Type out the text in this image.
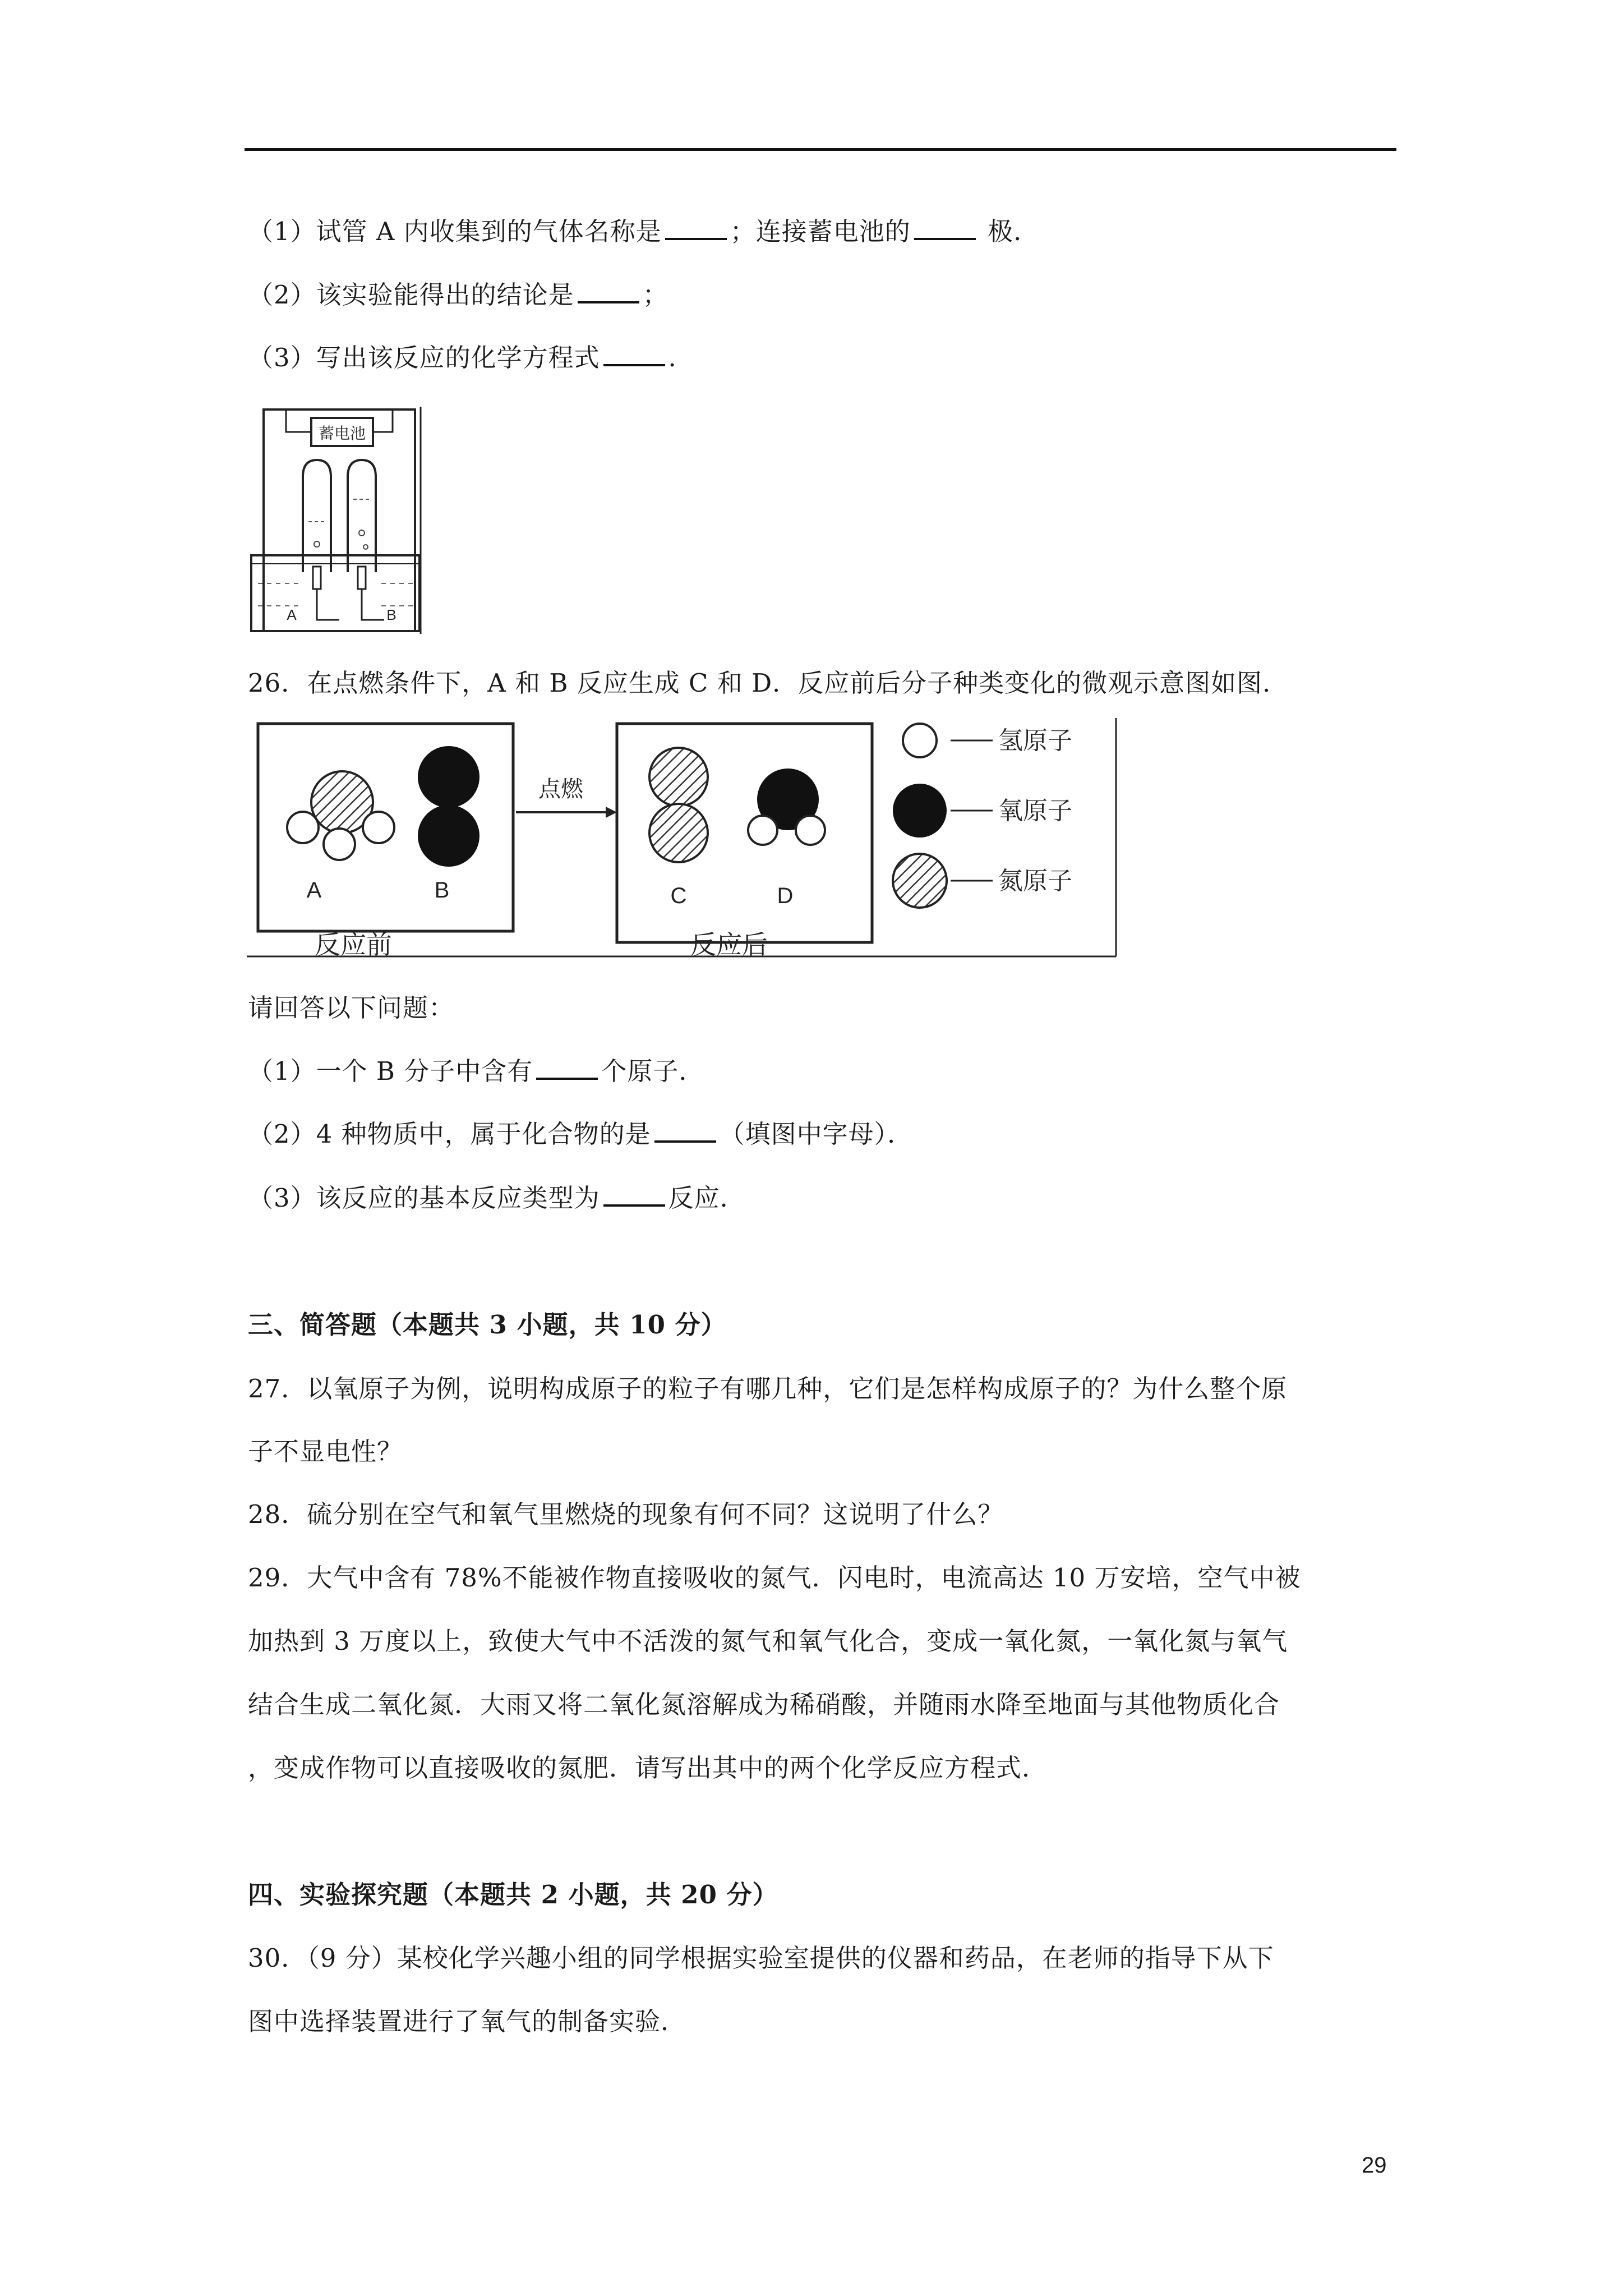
（1）试管 A 内收集到的气体名称是	；连接蓄电池的	极．
（2）该实验能得出的结论是	；
（3）写出该反应的化学方程式	．
蓄电池
A	B
26．在点燃条件下，A 和 B 反应生成 C 和 D．反应前后分子种类变化的微观示意图如图．
A	B
反应前
点燃
C	D
反应后
氢原子
氧原子
氮原子
请回答以下问题：
（1）一个 B 分子中含有	个原子．
（2）4 种物质中，属于化合物的是	（填图中字母）．
（3）该反应的基本反应类型为	反应．
三、简答题（本题共 3 小题，共 10 分）
27．以氧原子为例，说明构成原子的粒子有哪几种，它们是怎样构成原子的？为什么整个原
子不显电性？
28．硫分别在空气和氧气里燃烧的现象有何不同？这说明了什么？
29．大气中含有 78%不能被作物直接吸收的氮气．闪电时，电流高达 10 万安培，空气中被
加热到 3 万度以上，致使大气中不活泼的氮气和氧气化合，变成一氧化氮，一氧化氮与氧气
结合生成二氧化氮．大雨又将二氧化氮溶解成为稀硝酸，并随雨水降至地面与其他物质化合
，变成作物可以直接吸收的氮肥．请写出其中的两个化学反应方程式．
四、实验探究题（本题共 2 小题，共 20 分）
30．（9 分）某校化学兴趣小组的同学根据实验室提供的仪器和药品，在老师的指导下从下
图中选择装置进行了氧气的制备实验．
29
